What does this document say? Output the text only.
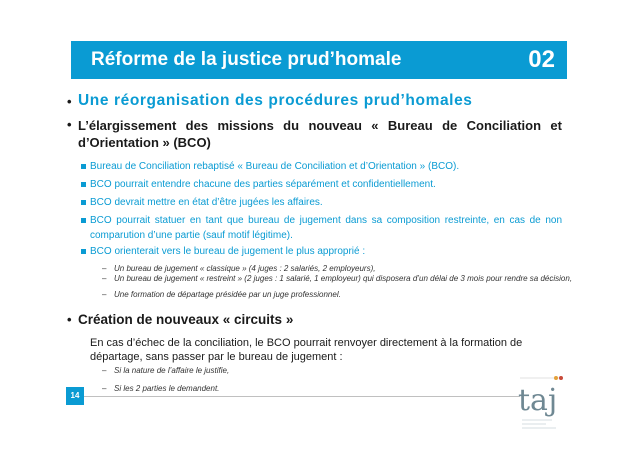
Réforme de la justice prud’homale	02
• Une réorganisation des procédures prud’homales
• L’élargissement des missions du nouveau « Bureau de Conciliation et d’Orientation » (BCO)
Bureau de Conciliation rebaptisé « Bureau de Conciliation et d’Orientation » (BCO).
BCO pourrait entendre chacune des parties séparément et confidentiellement.
BCO devrait mettre en état d’être jugées les affaires.
BCO pourrait statuer en tant que bureau de jugement dans sa composition restreinte, en cas de non comparution d’une partie (sauf motif légitime).
BCO orienterait vers le bureau de jugement le plus approprié :
– Un bureau de jugement « classique » (4 juges : 2 salariés, 2 employeurs),
– Un bureau de jugement « restreint » (2 juges : 1 salarié, 1 employeur) qui disposera d’un délai de 3 mois pour rendre sa décision,
– Une formation de départage présidée par un juge professionnel.
• Création de nouveaux « circuits »
En cas d’échec de la conciliation, le BCO pourrait renvoyer directement à la formation de départage, sans passer par le bureau de jugement :
– Si la nature de l’affaire le justifie,
– Si les 2 parties le demandent.
14	taj
